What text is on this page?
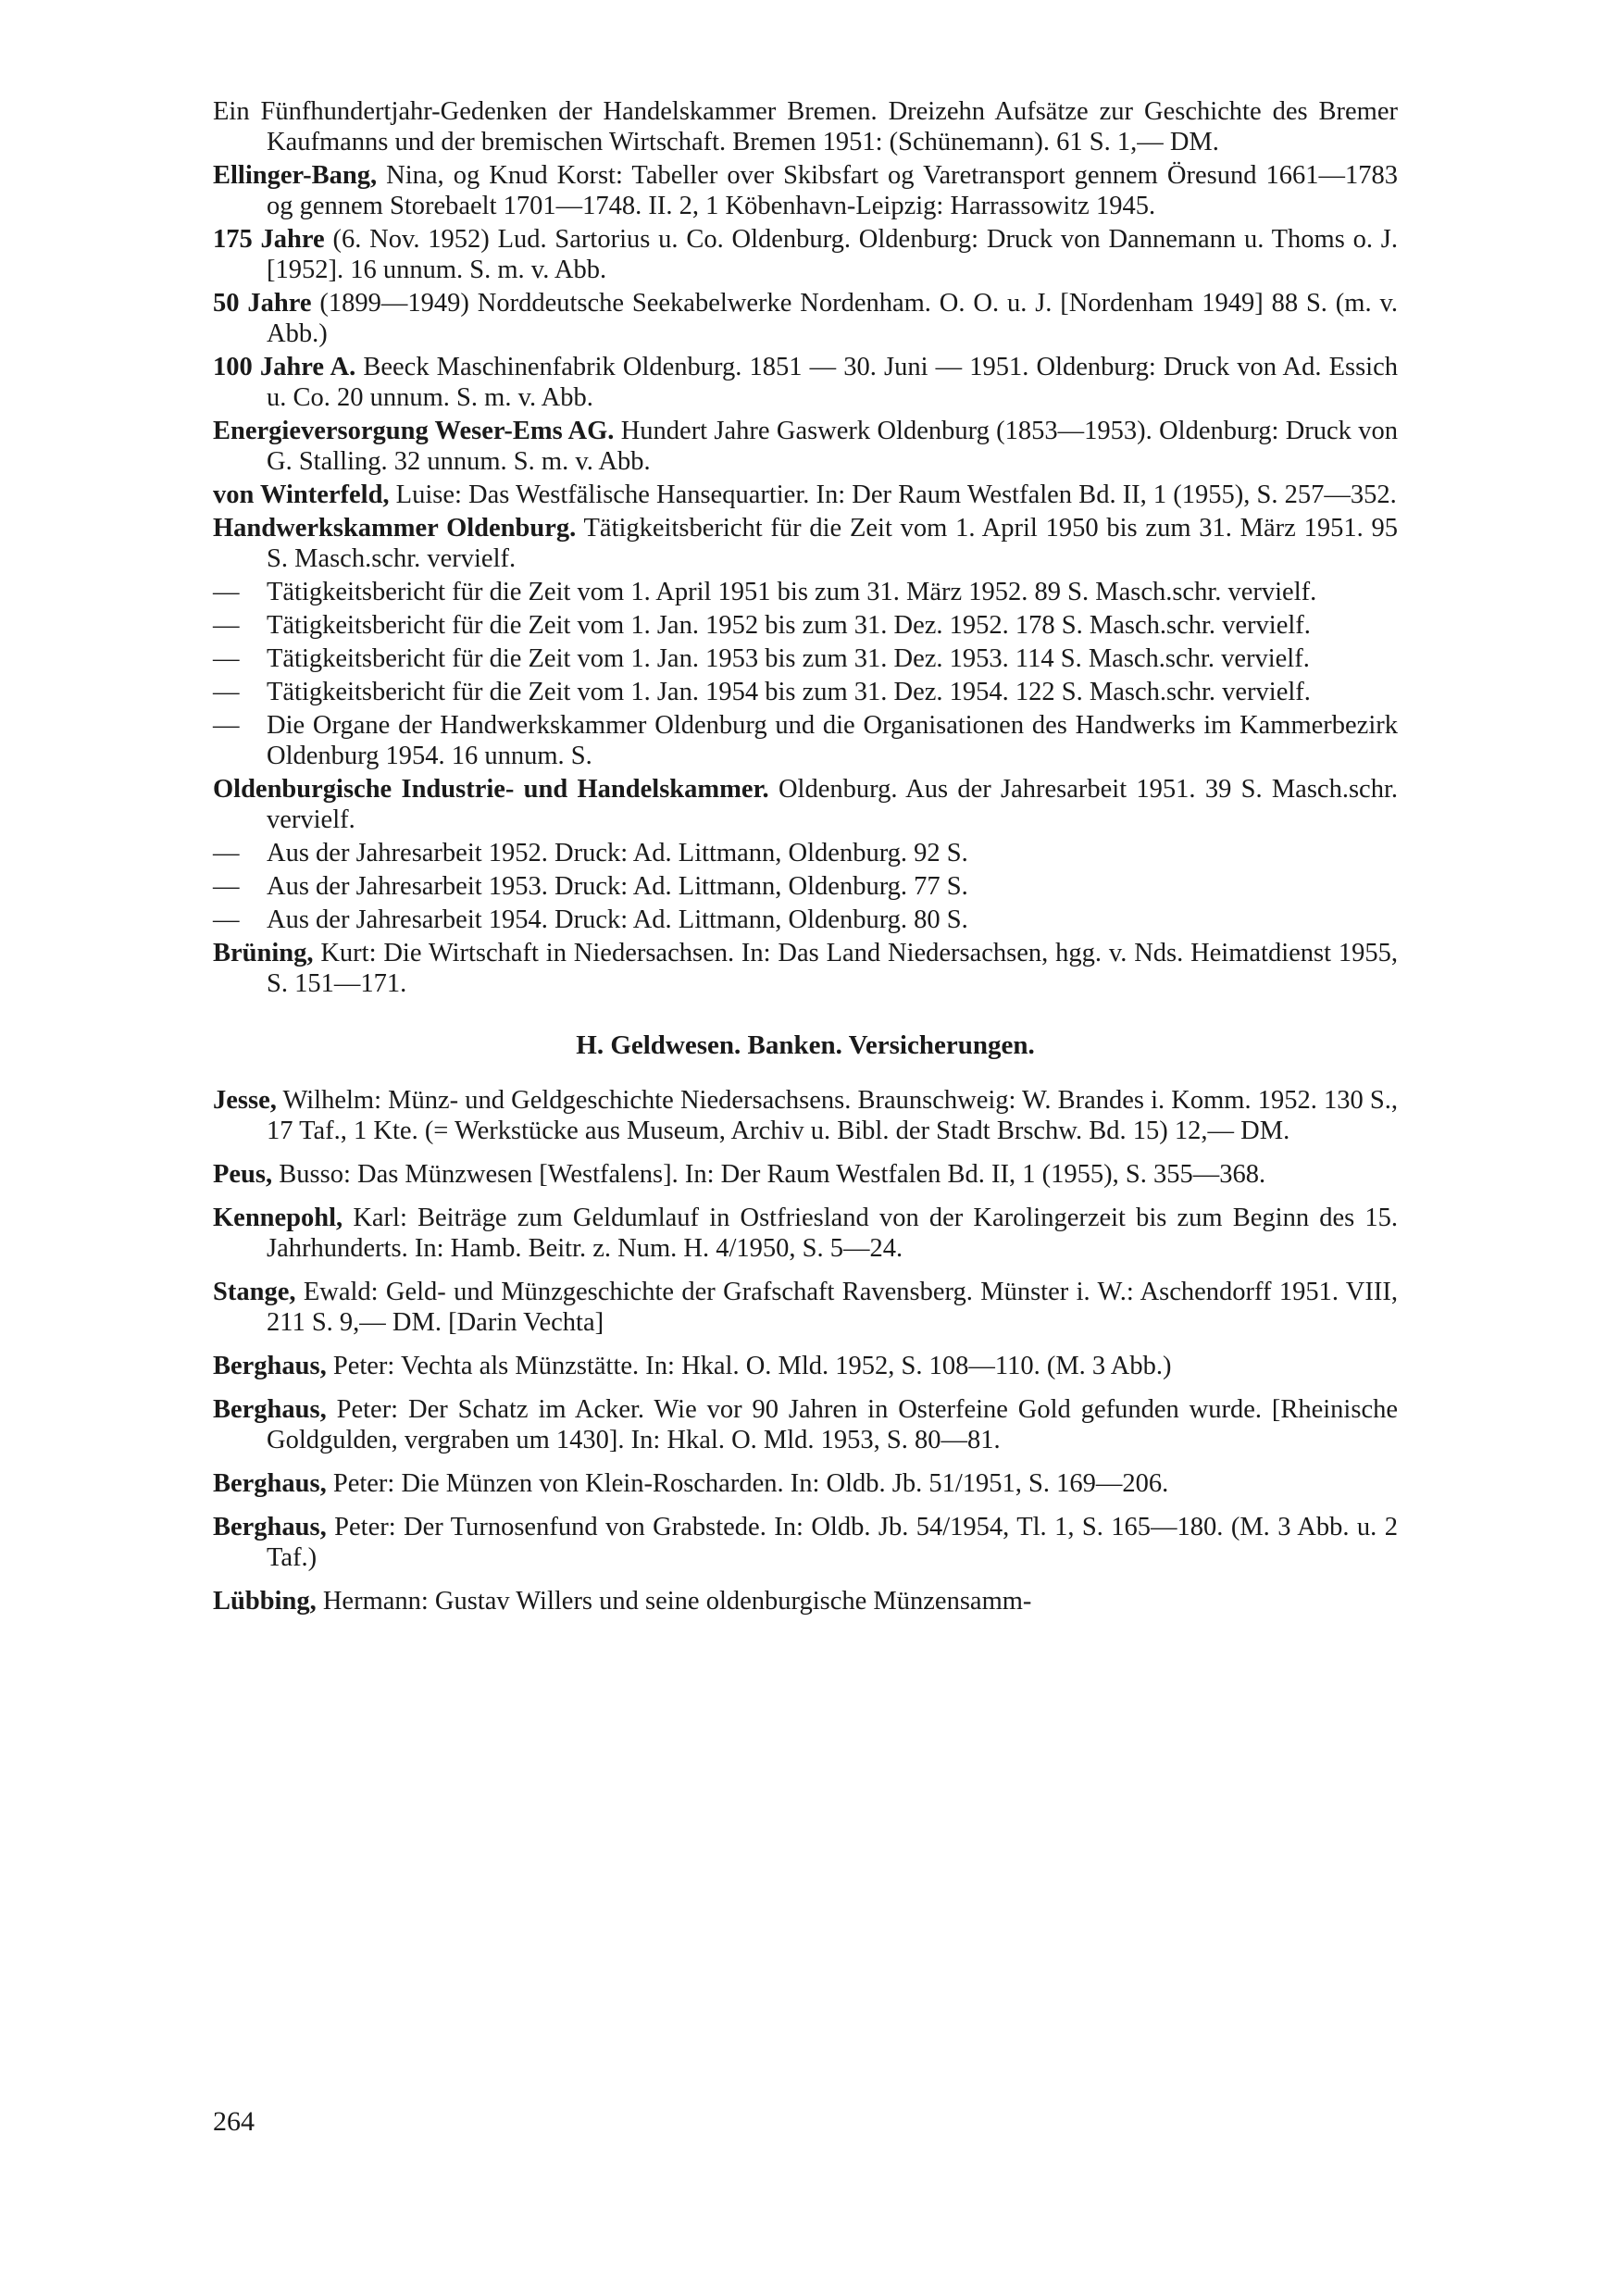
Ein Fünfhundertjahr-Gedenken der Handelskammer Bremen. Dreizehn Aufsätze zur Geschichte des Bremer Kaufmanns und der bremischen Wirtschaft. Bremen 1951: (Schünemann). 61 S. 1,— DM.

Ellinger-Bang, Nina, og Knud Korst: Tabeller over Skibsfart og Varetransport gennem Öresund 1661—1783 og gennem Storebaelt 1701—1748. II. 2, 1 Köbenhavn-Leipzig: Harrassowitz 1945.

175 Jahre (6. Nov. 1952) Lud. Sartorius u. Co. Oldenburg. Oldenburg: Druck von Dannemann u. Thoms o. J. [1952]. 16 unnum. S. m. v. Abb.

50 Jahre (1899—1949) Norddeutsche Seekabelwerke Nordenham. O. O. u. J. [Nordenham 1949] 88 S. (m. v. Abb.)

100 Jahre A. Beeck Maschinenfabrik Oldenburg. 1851 — 30. Juni — 1951. Oldenburg: Druck von Ad. Essich u. Co. 20 unnum. S. m. v. Abb.

Energieversorgung Weser-Ems AG. Hundert Jahre Gaswerk Oldenburg (1853—1953). Oldenburg: Druck von G. Stalling. 32 unnum. S. m. v. Abb.

von Winterfeld, Luise: Das Westfälische Hansequartier. In: Der Raum Westfalen Bd. II, 1 (1955), S. 257—352.

Handwerkskammer Oldenburg. Tätigkeitsbericht für die Zeit vom 1. April 1950 bis zum 31. März 1951. 95 S. Masch.schr. vervielf.

— Tätigkeitsbericht für die Zeit vom 1. April 1951 bis zum 31. März 1952. 89 S. Masch.schr. vervielf.

— Tätigkeitsbericht für die Zeit vom 1. Jan. 1952 bis zum 31. Dez. 1952. 178 S. Masch.schr. vervielf.

— Tätigkeitsbericht für die Zeit vom 1. Jan. 1953 bis zum 31. Dez. 1953. 114 S. Masch.schr. vervielf.

— Tätigkeitsbericht für die Zeit vom 1. Jan. 1954 bis zum 31. Dez. 1954. 122 S. Masch.schr. vervielf.

— Die Organe der Handwerkskammer Oldenburg und die Organisationen des Handwerks im Kammerbezirk Oldenburg 1954. 16 unnum. S.

Oldenburgische Industrie- und Handelskammer. Oldenburg. Aus der Jahresarbeit 1951. 39 S. Masch.schr. vervielf.

— Aus der Jahresarbeit 1952. Druck: Ad. Littmann, Oldenburg. 92 S.

— Aus der Jahresarbeit 1953. Druck: Ad. Littmann, Oldenburg. 77 S.

— Aus der Jahresarbeit 1954. Druck: Ad. Littmann, Oldenburg. 80 S.

Brüning, Kurt: Die Wirtschaft in Niedersachsen. In: Das Land Niedersachsen, hgg. v. Nds. Heimatdienst 1955, S. 151—171.

H. Geldwesen. Banken. Versicherungen.

Jesse, Wilhelm: Münz- und Geldgeschichte Niedersachsens. Braunschweig: W. Brandes i. Komm. 1952. 130 S., 17 Taf., 1 Kte. (= Werkstücke aus Museum, Archiv u. Bibl. der Stadt Brschw. Bd. 15) 12,— DM.

Peus, Busso: Das Münzwesen [Westfalens]. In: Der Raum Westfalen Bd. II, 1 (1955), S. 355—368.

Kennepohl, Karl: Beiträge zum Geldumlauf in Ostfriesland von der Karolingerzeit bis zum Beginn des 15. Jahrhunderts. In: Hamb. Beitr. z. Num. H. 4/1950, S. 5—24.

Stange, Ewald: Geld- und Münzgeschichte der Grafschaft Ravensberg. Münster i. W.: Aschendorff 1951. VIII, 211 S. 9,— DM. [Darin Vechta]

Berghaus, Peter: Vechta als Münzstätte. In: Hkal. O. Mld. 1952, S. 108—110. (M. 3 Abb.)

Berghaus, Peter: Der Schatz im Acker. Wie vor 90 Jahren in Osterfeine Gold gefunden wurde. [Rheinische Goldgulden, vergraben um 1430]. In: Hkal. O. Mld. 1953, S. 80—81.

Berghaus, Peter: Die Münzen von Klein-Roscharden. In: Oldb. Jb. 51/1951, S. 169—206.

Berghaus, Peter: Der Turnosenfund von Grabstede. In: Oldb. Jb. 54/1954, Tl. 1, S. 165—180. (M. 3 Abb. u. 2 Taf.)

Lübbing, Hermann: Gustav Willers und seine oldenburgische Münzensamm-

264
